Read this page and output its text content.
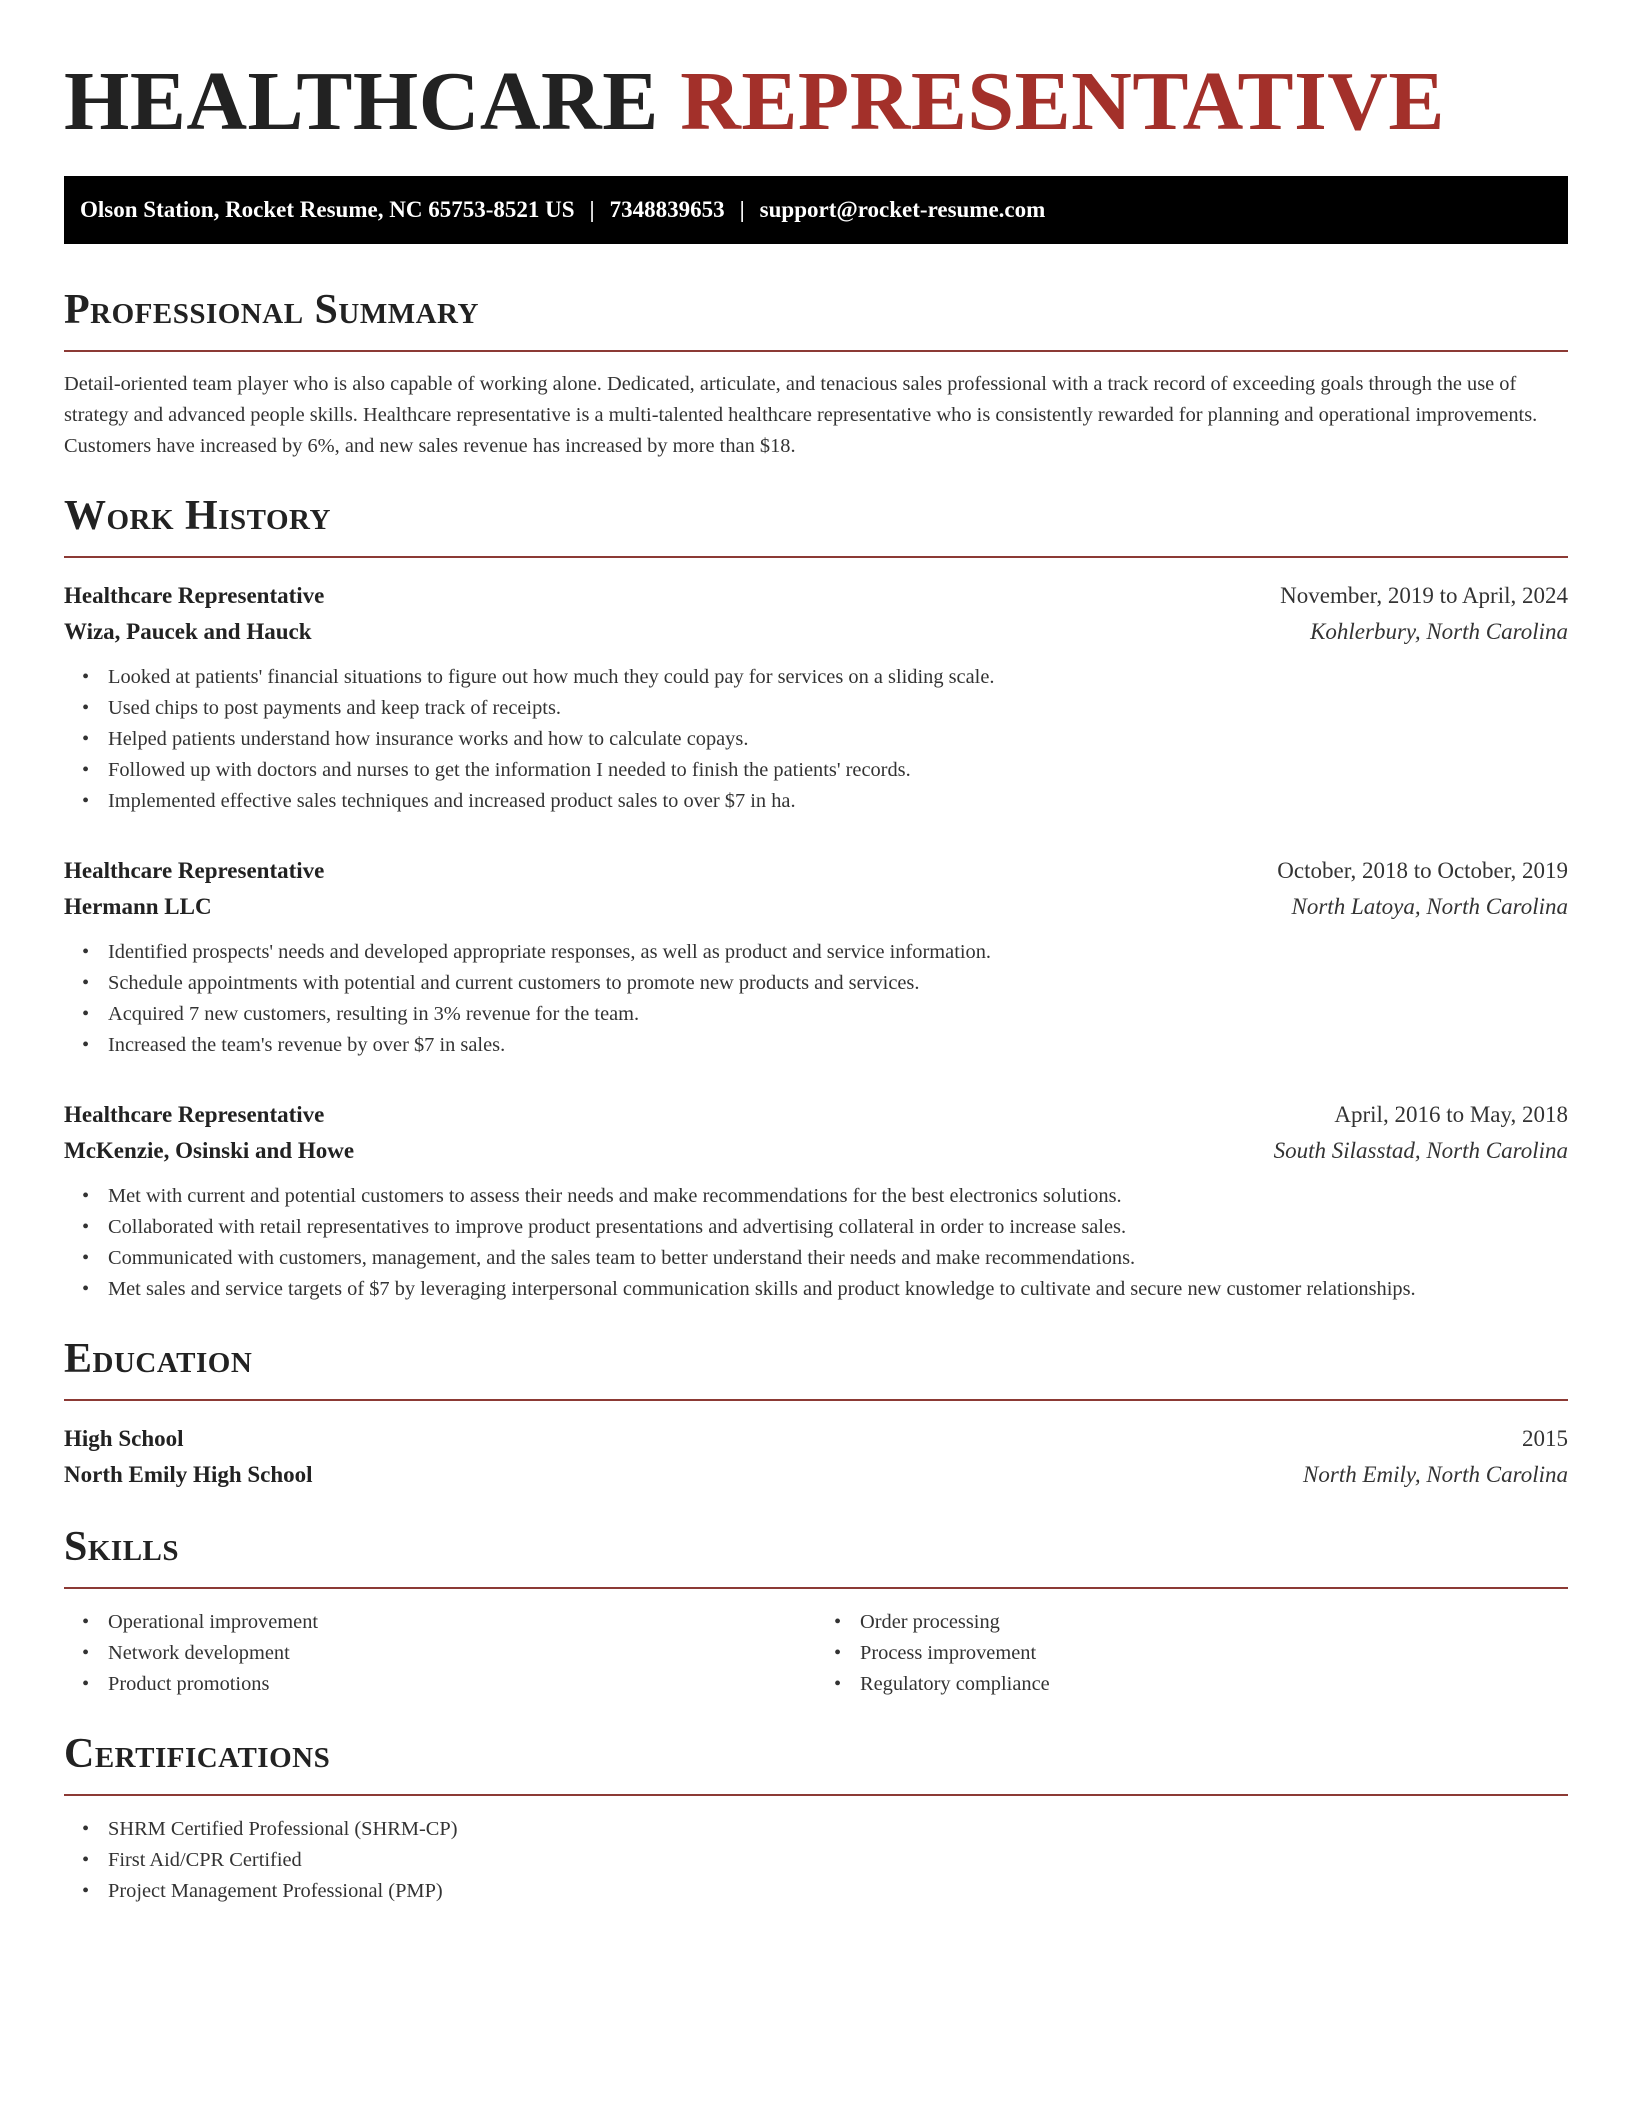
HEALTHCARE REPRESENTATIVE
Olson Station, Rocket Resume, NC 65753-8521 US | 7348839653 | support@rocket-resume.com
Professional Summary

Detail-oriented team player who is also capable of working alone. Dedicated, articulate, and tenacious sales professional with a track record of exceeding goals through the use of strategy and advanced people skills. Healthcare representative is a multi-talented healthcare representative who is consistently rewarded for planning and operational improvements. Customers have increased by 6%, and new sales revenue has increased by more than $18.

Work History
Healthcare Representative	November, 2019 to April, 2024
Wiza, Paucek and Hauck	Kohlerbury, North Carolina
• Looked at patients' financial situations to figure out how much they could pay for services on a sliding scale.
• Used chips to post payments and keep track of receipts.
• Helped patients understand how insurance works and how to calculate copays.
• Followed up with doctors and nurses to get the information I needed to finish the patients' records.
• Implemented effective sales techniques and increased product sales to over $7 in ha.
Healthcare Representative	October, 2018 to October, 2019
Hermann LLC	North Latoya, North Carolina
• Identified prospects' needs and developed appropriate responses, as well as product and service information.
• Schedule appointments with potential and current customers to promote new products and services.
• Acquired 7 new customers, resulting in 3% revenue for the team.
• Increased the team's revenue by over $7 in sales.
Healthcare Representative	April, 2016 to May, 2018
McKenzie, Osinski and Howe	South Silasstad, North Carolina
• Met with current and potential customers to assess their needs and make recommendations for the best electronics solutions.
• Collaborated with retail representatives to improve product presentations and advertising collateral in order to increase sales.
• Communicated with customers, management, and the sales team to better understand their needs and make recommendations.
• Met sales and service targets of $7 by leveraging interpersonal communication skills and product knowledge to cultivate and secure new customer relationships.
Education
High School	2015
North Emily High School	North Emily, North Carolina
Skills
• Operational improvement
• Network development
• Product promotions
• Order processing
• Process improvement
• Regulatory compliance
Certifications
• SHRM Certified Professional (SHRM-CP)
• First Aid/CPR Certified
• Project Management Professional (PMP)
